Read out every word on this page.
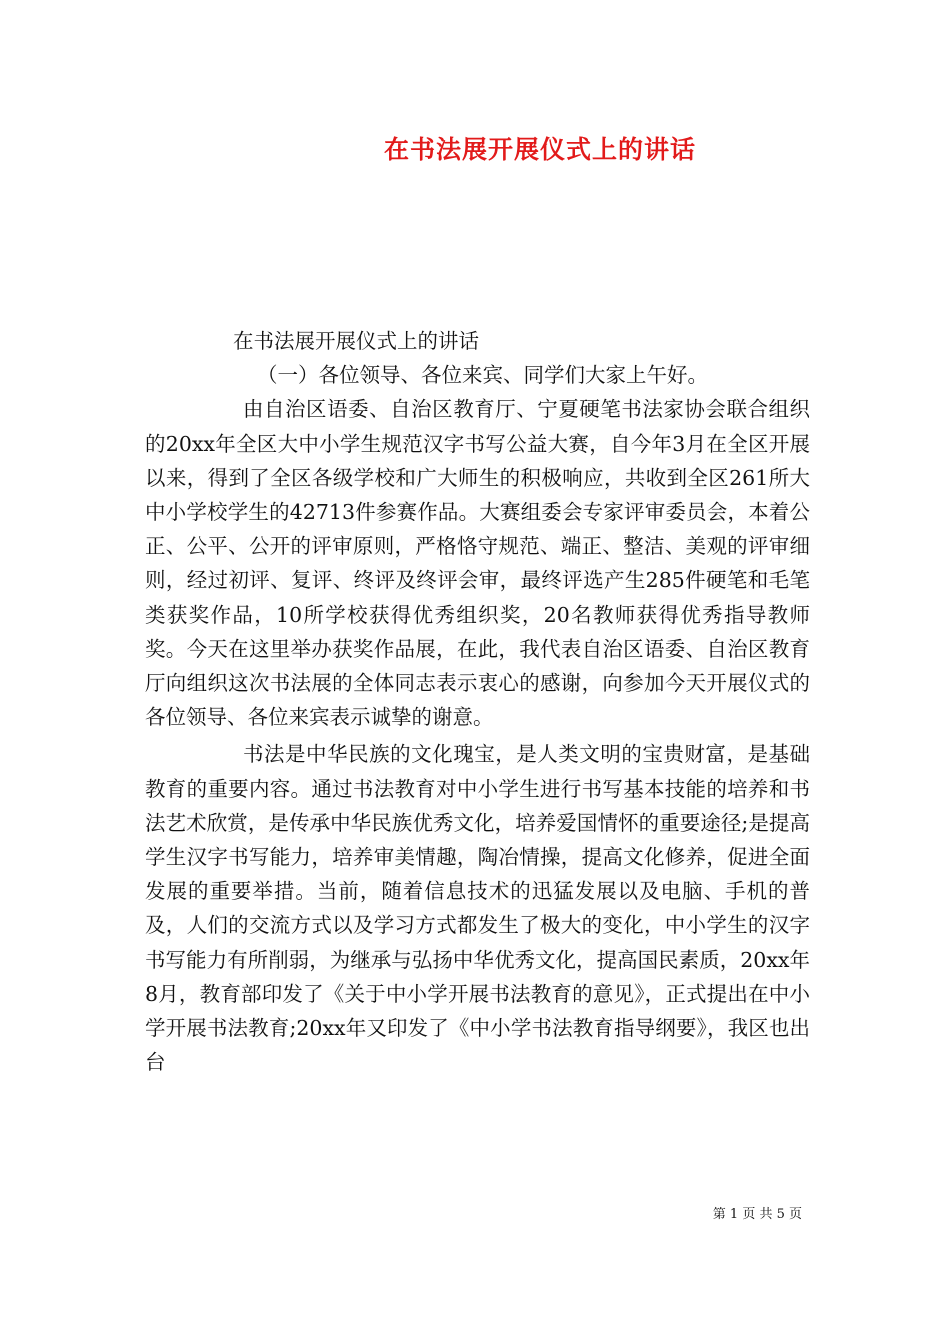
在书法展开展仪式上的讲话

在书法展开展仪式上的讲话

（一）各位领导、各位来宾、同学们大家上午好。

由自治区语委、自治区教育厅、宁夏硬笔书法家协会联合组织的20xx年全区大中小学生规范汉字书写公益大赛，自今年3月在全区开展以来，得到了全区各级学校和广大师生的积极响应，共收到全区261所大中小学校学生的42713件参赛作品。大赛组委会专家评审委员会，本着公正、公平、公开的评审原则，严格恪守规范、端正、整洁、美观的评审细则，经过初评、复评、终评及终评会审，最终评选产生285件硬笔和毛笔类获奖作品，10所学校获得优秀组织奖，20名教师获得优秀指导教师奖。今天在这里举办获奖作品展，在此，我代表自治区语委、自治区教育厅向组织这次书法展的全体同志表示衷心的感谢，向参加今天开展仪式的各位领导、各位来宾表示诚挚的谢意。

书法是中华民族的文化瑰宝，是人类文明的宝贵财富，是基础教育的重要内容。通过书法教育对中小学生进行书写基本技能的培养和书法艺术欣赏，是传承中华民族优秀文化，培养爱国情怀的重要途径;是提高学生汉字书写能力，培养审美情趣，陶冶情操，提高文化修养，促进全面发展的重要举措。当前，随着信息技术的迅猛发展以及电脑、手机的普及，人们的交流方式以及学习方式都发生了极大的变化，中小学生的汉字书写能力有所削弱，为继承与弘扬中华优秀文化，提高国民素质，20xx年8月，教育部印发了《关于中小学开展书法教育的意见》，正式提出在中小学开展书法教育;20xx年又印发了《中小学书法教育指导纲要》，我区也出台

第 1 页 共 5 页
